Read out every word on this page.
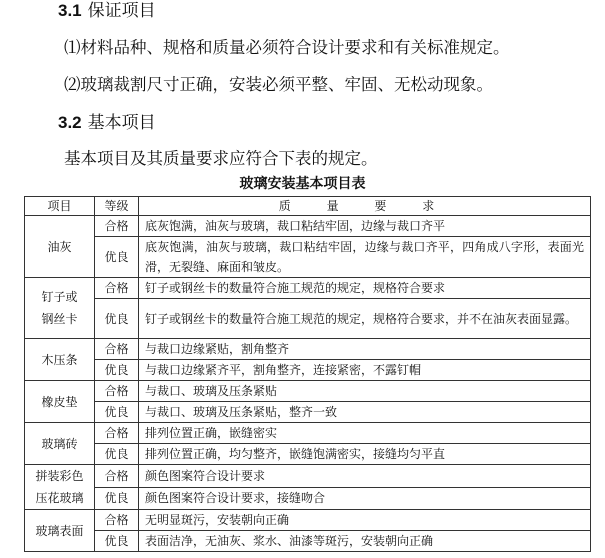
3.1 保证项目
⑴材料品种、规格和质量必须符合设计要求和有关标准规定。
⑵玻璃裁割尺寸正确，安装必须平整、牢固、无松动现象。
3.2 基本项目
基本项目及其质量要求应符合下表的规定。
玻璃安装基本项目表
项目	等级	质 量 要 求

油灰	合格	底灰饱满，油灰与玻璃，裁口粘结牢固，边缘与裁口齐平
	优良	底灰饱满，油灰与玻璃，裁口粘结牢固，边缘与裁口齐平，四角成八字形，表面光滑，无裂缝、麻面和皱皮。

钉子或
钢丝卡	合格	钉子或钢丝卡的数量符合施工规范的规定，规格符合要求
	优良	钉子或钢丝卡的数量符合施工规范的规定，规格符合要求，并不在油灰表面显露。

木压条	合格	与裁口边缘紧贴，割角整齐
	优良	与裁口边缘紧齐平，割角整齐，连接紧密，不露钉帽

橡皮垫	合格	与裁口、玻璃及压条紧贴
	优良	与裁口、玻璃及压条紧贴，整齐一致

玻璃砖	合格	排列位置正确，嵌缝密实
	优良	排列位置正确，均匀整齐，嵌缝饱满密实，接缝均匀平直

拼装彩色
压花玻璃	合格	颜色图案符合设计要求
	优良	颜色图案符合设计要求，接缝吻合

玻璃表面	合格	无明显斑污，安装朝向正确
	优良	表面洁净，无油灰、浆水、油漆等斑污，安装朝向正确
